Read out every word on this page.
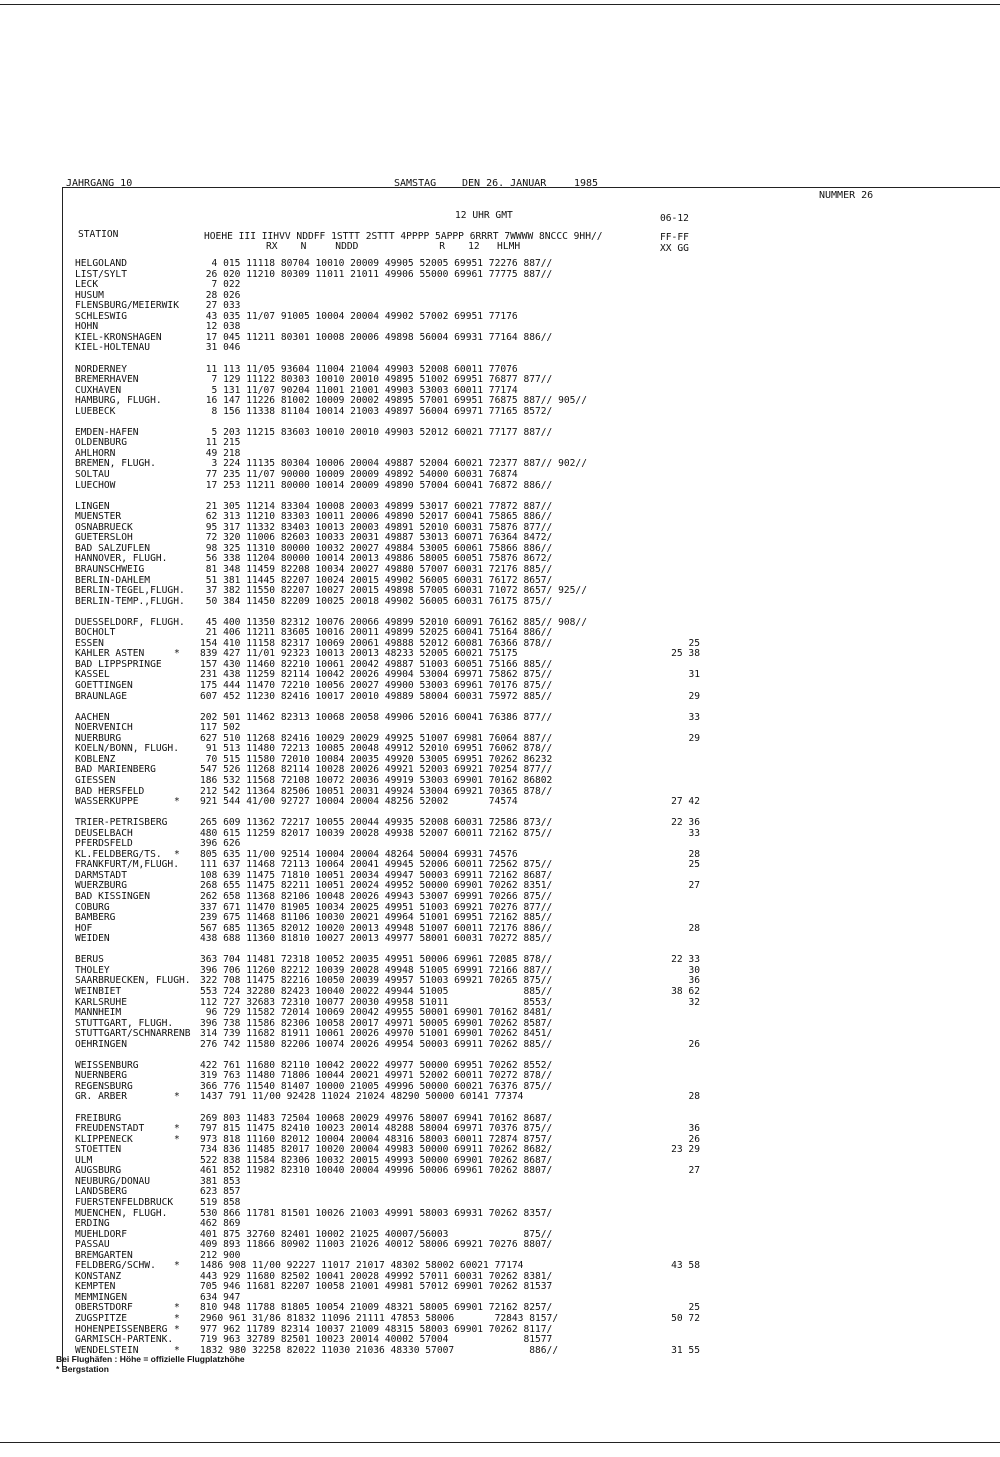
JAHRGANG 10	SAMSTAG	DEN 26. JANUAR	1985
NUMMER 26
12 UHR GMT	06-12
STATION	HOEHE III IIHVV NDDFF 1STTT 2STTT 4PPPP 5APPP 6RRRT 7WWWW 8NCCC 9HH//
RX    N     NDDD              R    12   HLMH
FF-FF
XX GG
HELGOLAND	4 015 11118 80704 10010 20009 49905 52005 69951 72276 887//
LIST/SYLT	26 020 11210 80309 11011 21011 49906 55000 69961 77775 887//
LECK	7 022
HUSUM	28 026
FLENSBURG/MEIERWIK	27 033
SCHLESWIG	43 035 11/07 91005 10004 20004 49902 57002 69951 77176
HOHN	12 038
KIEL-KRONSHAGEN	17 045 11211 80301 10008 20006 49898 56004 69931 77164 886//
KIEL-HOLTENAU	31 046
NORDERNEY	11 113 11/05 93604 11004 21004 49903 52008 60011 77076
BREMERHAVEN	7 129 11122 80303 10010 20010 49895 51002 69951 76877 877//
CUXHAVEN	5 131 11/07 90204 11001 21001 49903 53003 60011 77174
HAMBURG, FLUGH.	16 147 11226 81002 10009 20002 49895 57001 69951 76875 887// 905//
LUEBECK	8 156 11338 81104 10014 21003 49897 56004 69971 77165 8572/
EMDEN-HAFEN	5 203 11215 83603 10010 20010 49903 52012 60021 77177 887//
OLDENBURG	11 215
AHLHORN	49 218
BREMEN, FLUGH.	3 224 11135 80304 10006 20004 49887 52004 60021 72377 887// 902//
SOLTAU	77 235 11/07 90000 10009 20009 49892 54000 60031 76874
LUECHOW	17 253 11211 80000 10014 20009 49890 57004 60041 76872 886//
LINGEN	21 305 11214 83304 10008 20003 49899 53017 60021 77872 887//
MUENSTER	62 313 11210 83303 10011 20006 49890 52017 60041 75865 886//
OSNABRUECK	95 317 11332 83403 10013 20003 49891 52010 60031 75876 877//
GUETERSLOH	72 320 11006 82603 10033 20031 49887 53013 60071 76364 8472/
BAD SALZUFLEN	98 325 11310 80000 10032 20027 49884 53005 60061 75866 886//
HANNOVER, FLUGH.	56 338 11204 80000 10014 20013 49886 58005 60051 75876 8672/
BRAUNSCHWEIG	81 348 11459 82208 10034 20027 49880 57007 60031 72176 885//
BERLIN-DAHLEM	51 381 11445 82207 10024 20015 49902 56005 60031 76172 8657/
BERLIN-TEGEL,FLUGH.	37 382 11550 82207 10027 20015 49898 57005 60031 71072 8657/ 925//
BERLIN-TEMP.,FLUGH.	50 384 11450 82209 10025 20018 49902 56005 60031 76175 875//
DUESSELDORF, FLUGH.	45 400 11350 82312 10076 20066 49899 52010 60091 76162 885// 908//
BOCHOLT	21 406 11211 83605 10016 20011 49899 52025 60041 75164 886//
ESSEN	154 410 11158 82317 10069 20061 49888 52012 60081 76366 878//	25
KAHLER ASTEN	*	839 427 11/01 92323 10013 20013 48233 52005 60021 75175	25 38
BAD LIPPSPRINGE	157 430 11460 82210 10061 20042 49887 51003 60051 75166 885//
KASSEL	231 438 11259 82114 10042 20026 49904 53004 69971 75862 875//	31
GOETTINGEN	175 444 11470 72210 10056 20027 49900 53003 69961 70176 875//
BRAUNLAGE	607 452 11230 82416 10017 20010 49889 58004 60031 75972 885//	29
AACHEN	202 501 11462 82313 10068 20058 49906 52016 60041 76386 877//	33
NOERVENICH	117 502
NUERBURG	627 510 11268 82416 10029 20029 49925 51007 69981 76064 887//	29
KOELN/BONN, FLUGH.	91 513 11480 72213 10085 20048 49912 52010 69951 76062 878//
KOBLENZ	70 515 11580 72010 10084 20035 49920 53005 69951 70262 86232
BAD MARIENBERG	547 526 11268 82114 10028 20026 49921 52003 69921 70254 877//
GIESSEN	186 532 11568 72108 10072 20036 49919 53003 69901 70162 86802
BAD HERSFELD	212 542 11364 82506 10051 20031 49924 53004 69921 70365 878//
WASSERKUPPE	*	921 544 41/00 92727 10004 20004 48256 52002       74574	27 42
TRIER-PETRISBERG	265 609 11362 72217 10055 20044 49935 52008 60031 72586 873//	22 36
DEUSELBACH	480 615 11259 82017 10039 20028 49938 52007 60011 72162 875//	33
PFERDSFELD	396 626
KL.FELDBERG/TS.	*	805 635 11/00 92514 10004 20004 48264 50004 69931 74576	28
FRANKFURT/M,FLUGH.	111 637 11468 72113 10064 20041 49945 52006 60011 72562 875//	25
DARMSTADT	108 639 11475 71810 10051 20034 49947 50003 69911 72162 8687/
WUERZBURG	268 655 11475 82211 10051 20024 49952 50000 69901 70262 8351/	27
BAD KISSINGEN	262 658 11368 82106 10048 20026 49943 53007 69991 70266 875//
COBURG	337 671 11470 81905 10034 20025 49951 51003 69921 70276 877//
BAMBERG	239 675 11468 81106 10030 20021 49964 51001 69951 72162 885//
HOF	567 685 11365 82012 10020 20013 49948 51007 60011 72176 886//	28
WEIDEN	438 688 11360 81810 10027 20013 49977 58001 60031 70272 885//
BERUS	363 704 11481 72318 10052 20035 49951 50006 69961 72085 878//	22 33
THOLEY	396 706 11260 82212 10039 20028 49948 51005 69991 72166 887//	30
SAARBRUECKEN, FLUGH. 322 708 11475 82216 10050 20039 49957 51003 69921 70265 875//	36
WEINBIET	553 724 32280 82423 10040 20022 49944 51005             885//	38 62
KARLSRUHE	112 727 32683 72310 10077 20030 49958 51011             8553/	32
MANNHEIM	96 729 11582 72014 10069 20042 49955 50001 69901 70162 8481/
STUTTGART, FLUGH.	396 738 11586 82306 10058 20017 49971 50005 69901 70262 8587/
STUTTGART/SCHNARRENB 314 739 11682 81911 10061 20026 49970 51001 69901 70262 8451/
OEHRINGEN	276 742 11580 82206 10074 20026 49954 50003 69911 70262 885//	26
WEISSENBURG	422 761 11680 82110 10042 20022 49977 50000 69951 70262 8552/
NUERNBERG	319 763 11480 71806 10044 20021 49971 52002 60011 70272 878//
REGENSBURG	366 776 11540 81407 10000 21005 49996 50000 60021 76376 875//
GR. ARBER	*	1437 791 11/00 92428 11024 21024 48290 50000 60141 77374	28
FREIBURG	269 803 11483 72504 10068 20029 49976 58007 69941 70162 8687/
FREUDENSTADT	*	797 815 11475 82410 10023 20014 48288 58004 69971 70376 875//	36
KLIPPENECK	*	973 818 11160 82012 10004 20004 48316 58003 60011 72874 8757/	26
STOETTEN	734 836 11485 82017 10020 20004 49983 50000 69911 70262 8682/	23 29
ULM	522 838 11584 82306 10032 20015 49993 50000 69901 70262 8687/
AUGSBURG	461 852 11982 82310 10040 20004 49996 50006 69961 70262 8807/	27
NEUBURG/DONAU	381 853
LANDSBERG	623 857
FUERSTENFELDBRUCK	519 858
MUENCHEN, FLUGH.	530 866 11781 81501 10026 21003 49991 58003 69931 70262 8357/
ERDING	462 869
MUEHLDORF	401 875 32760 82401 10002 21025 40007/56003             875//
PASSAU	409 893 11866 80902 11003 21026 40012 58006 69921 70276 8807/
BREMGARTEN	212 900
FELDBERG/SCHW.	*	1486 908 11/00 92227 11017 21017 48302 58002 60021 77174	43 58
KONSTANZ	443 929 11680 82502 10041 20028 49992 57011 60031 70262 8381/
KEMPTEN	705 946 11681 82207 10058 21001 49981 57012 69901 70262 81537
MEMMINGEN	634 947
OBERSTDORF	*	810 948 11788 81805 10054 21009 48321 58005 69901 72162 8257/	25
ZUGSPITZE	*	2960 961 31/86 81832 11096 21111 47853 58006       72843 8157/	50 72
HOHENPEISSENBERG *	977 962 11789 82314 10037 21009 48315 58003 69901 70262 8117/
GARMISCH-PARTENK.	719 963 32789 82501 10023 20014 40002 57004             81577
WENDELSTEIN	*	1832 980 32258 82022 11030 21036 48330 57007             886//	31 55
Bei Flughäfen : Höhe = offizielle Flugplatzhöhe
* Bergstation
